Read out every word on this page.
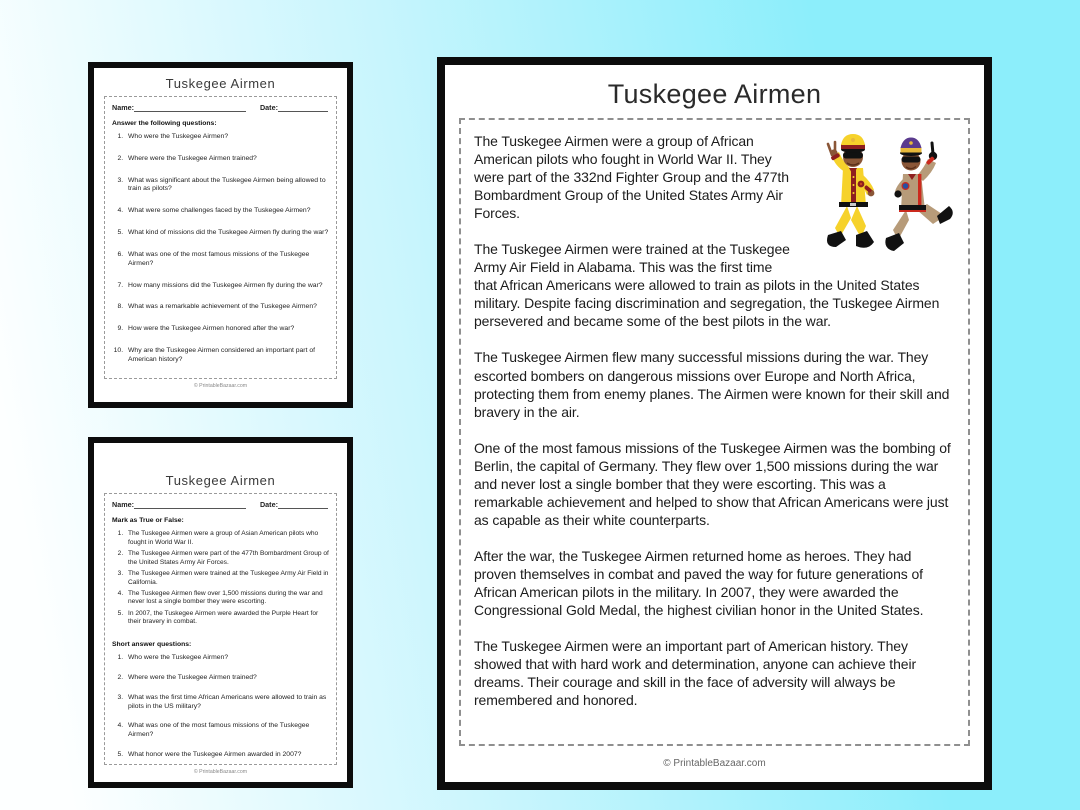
Tuskegee Airmen
Name:	Date:
Answer the following questions:
1. Who were the Tuskegee Airmen?
2. Where were the Tuskegee Airmen trained?
3. What was significant about the Tuskegee Airmen being allowed to train as pilots?
4. What were some challenges faced by the Tuskegee Airmen?
5. What kind of missions did the Tuskegee Airmen fly during the war?
6. What was one of the most famous missions of the Tuskegee Airmen?
7. How many missions did the Tuskegee Airmen fly during the war?
8. What was a remarkable achievement of the Tuskegee Airmen?
9. How were the Tuskegee Airmen honored after the war?
10. Why are the Tuskegee Airmen considered an important part of American history?
© PrintableBazaar.com
Tuskegee Airmen
Name:	Date:
Mark as True or False:
1. The Tuskegee Airmen were a group of Asian American pilots who fought in World War II.
2. The Tuskegee Airmen were part of the 477th Bombardment Group of the United States Army Air Forces.
3. The Tuskegee Airmen were trained at the Tuskegee Army Air Field in California.
4. The Tuskegee Airmen flew over 1,500 missions during the war and never lost a single bomber they were escorting.
5. In 2007, the Tuskegee Airmen were awarded the Purple Heart for their bravery in combat.
Short answer questions:
1. Who were the Tuskegee Airmen?
2. Where were the Tuskegee Airmen trained?
3. What was the first time African Americans were allowed to train as pilots in the US military?
4. What was one of the most famous missions of the Tuskegee Airmen?
5. What honor were the Tuskegee Airmen awarded in 2007?
© PrintableBazaar.com
Tuskegee Airmen

The Tuskegee Airmen were a group of African American pilots who fought in World War II. They were part of the 332nd Fighter Group and the 477th Bombardment Group of the United States Army Air Forces.

The Tuskegee Airmen were trained at the Tuskegee Army Air Field in Alabama. This was the first time that African Americans were allowed to train as pilots in the United States military. Despite facing discrimination and segregation, the Tuskegee Airmen persevered and became some of the best pilots in the war.

The Tuskegee Airmen flew many successful missions during the war. They escorted bombers on dangerous missions over Europe and North Africa, protecting them from enemy planes. The Airmen were known for their skill and bravery in the air.

One of the most famous missions of the Tuskegee Airmen was the bombing of Berlin, the capital of Germany. They flew over 1,500 missions during the war and never lost a single bomber that they were escorting. This was a remarkable achievement and helped to show that African Americans were just as capable as their white counterparts.

After the war, the Tuskegee Airmen returned home as heroes. They had proven themselves in combat and paved the way for future generations of African American pilots in the military. In 2007, they were awarded the Congressional Gold Medal, the highest civilian honor in the United States.

The Tuskegee Airmen were an important part of American history. They showed that with hard work and determination, anyone can achieve their dreams. Their courage and skill in the face of adversity will always be remembered and honored.

© PrintableBazaar.com
